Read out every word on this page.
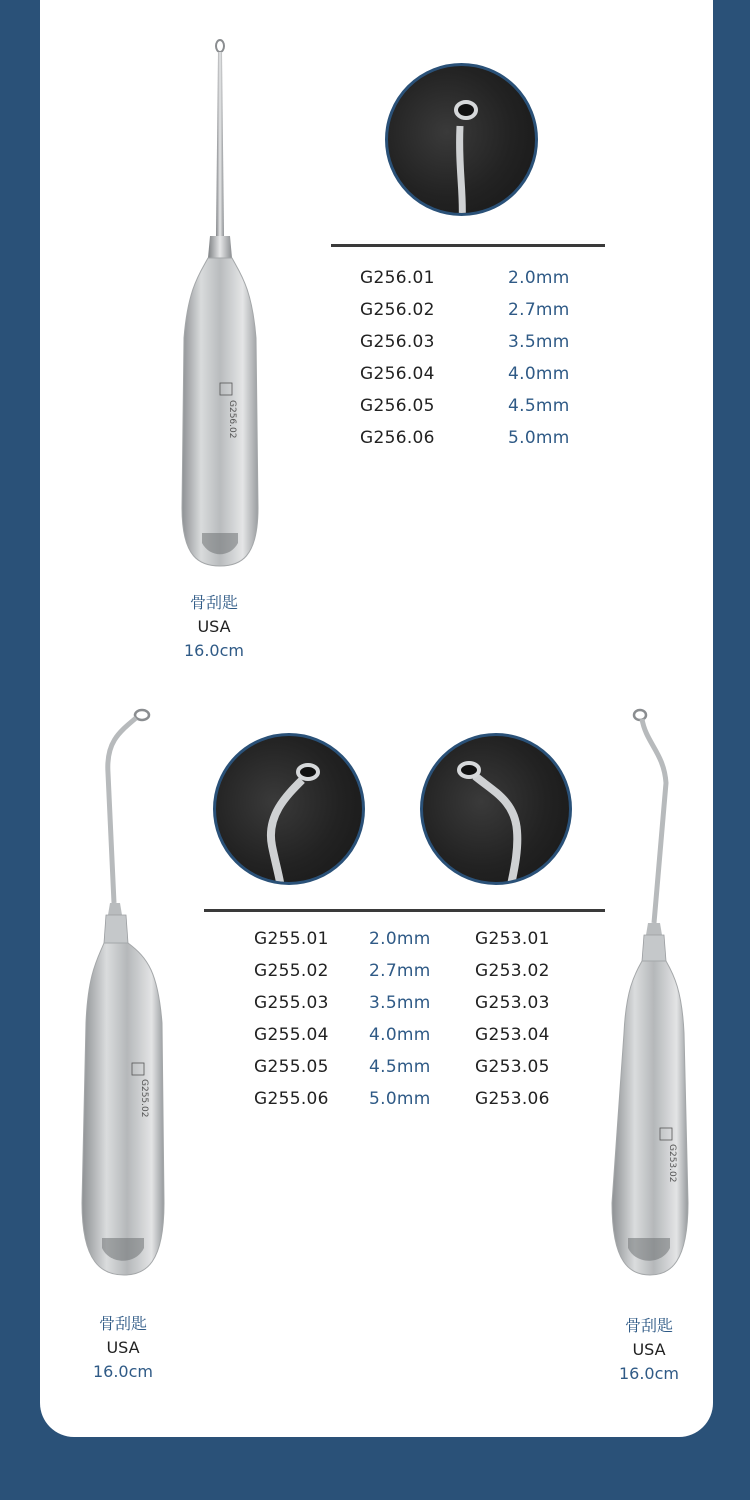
G256.02
G256.01	2.0mm
G256.02	2.7mm
G256.03	3.5mm
G256.04	4.0mm
G256.05	4.5mm
G256.06	5.0mm
骨刮匙
USA
16.0cm
G255.02
G253.02
G255.01 2.0mm	G253.01
G255.02 2.7mm	G253.02
G255.03 3.5mm	G253.03
G255.04 4.0mm	G253.04
G255.05 4.5mm	G253.05
G255.06 5.0mm	G253.06
骨刮匙
USA
16.0cm
骨刮匙
USA
16.0cm
